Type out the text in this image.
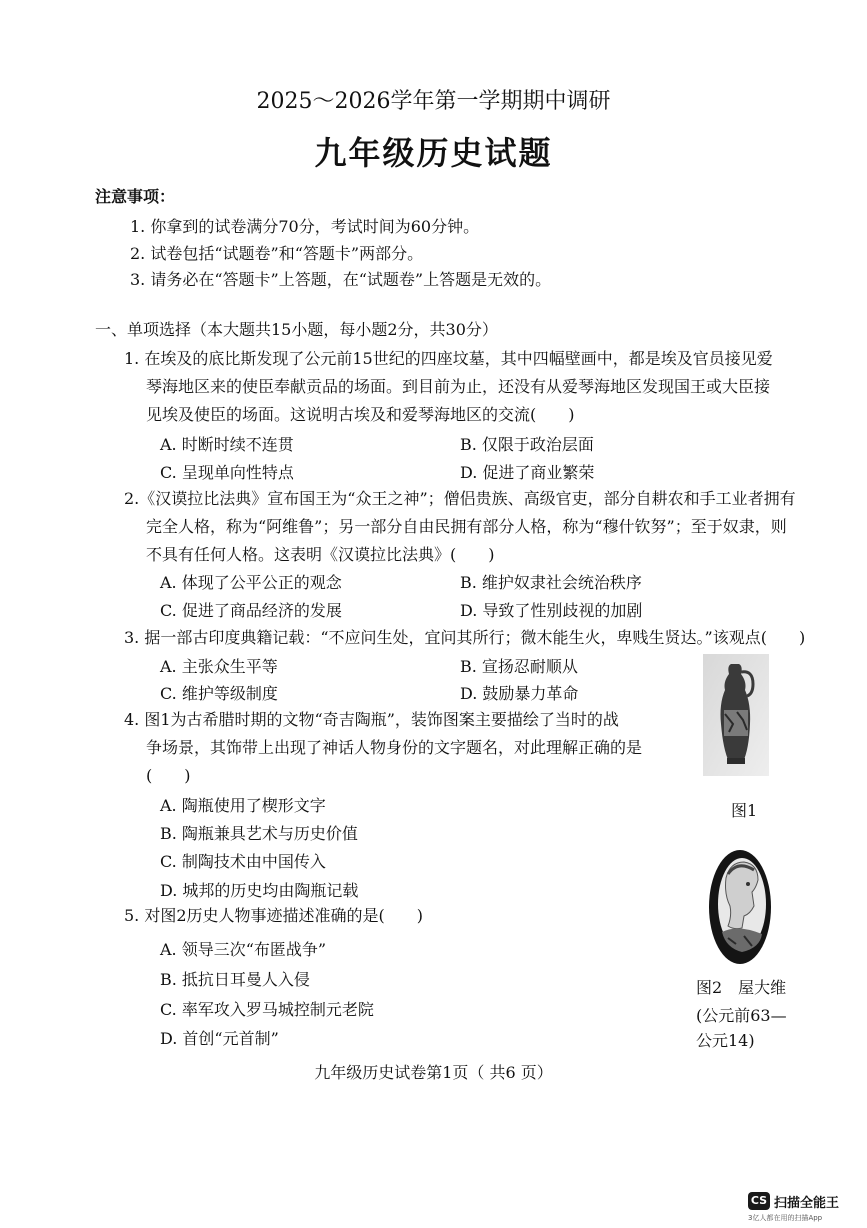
2025～2026学年第一学期期中调研
九年级历史试题
注意事项：
1. 你拿到的试卷满分70分，考试时间为60分钟。
2. 试卷包括“试题卷”和“答题卡”两部分。
3. 请务必在“答题卡”上答题，在“试题卷”上答题是无效的。
一、单项选择（本大题共15小题，每小题2分，共30分）
1. 在埃及的底比斯发现了公元前15世纪的四座坟墓，其中四幅壁画中，都是埃及官员接见爱
琴海地区来的使臣奉献贡品的场面。到目前为止，还没有从爱琴海地区发现国王或大臣接
见埃及使臣的场面。这说明古埃及和爱琴海地区的交流(　　)
A. 时断时续不连贯	B. 仅限于政治层面
C. 呈现单向性特点	D. 促进了商业繁荣
2.《汉谟拉比法典》宣布国王为“众王之神”；僧侣贵族、高级官吏，部分自耕农和手工业者拥有
完全人格，称为“阿维鲁”；另一部分自由民拥有部分人格，称为“穆什钦努”；至于奴隶，则
不具有任何人格。这表明《汉谟拉比法典》(　　)
A. 体现了公平公正的观念	B. 维护奴隶社会统治秩序
C. 促进了商品经济的发展	D. 导致了性别歧视的加剧
3. 据一部古印度典籍记载：“不应问生处，宜问其所行；微木能生火，卑贱生贤达。”该观点(　　)
A. 主张众生平等	B. 宣扬忍耐顺从
C. 维护等级制度	D. 鼓励暴力革命
4. 图1为古希腊时期的文物“奇吉陶瓶”，装饰图案主要描绘了当时的战
争场景，其饰带上出现了神话人物身份的文字题名，对此理解正确的是
(　　)
A. 陶瓶使用了楔形文字
B. 陶瓶兼具艺术与历史价值
C. 制陶技术由中国传入
D. 城邦的历史均由陶瓶记载
5. 对图2历史人物事迹描述准确的是(　　)
A. 领导三次“布匿战争”
B. 抵抗日耳曼人入侵
C. 率军攻入罗马城控制元老院
D. 首创“元首制”
图1
图2　屋大维
(公元前63—
公元14)
九年级历史试卷第1页（ 共6 页）
CS 扫描全能王
3亿人都在用的扫描App
